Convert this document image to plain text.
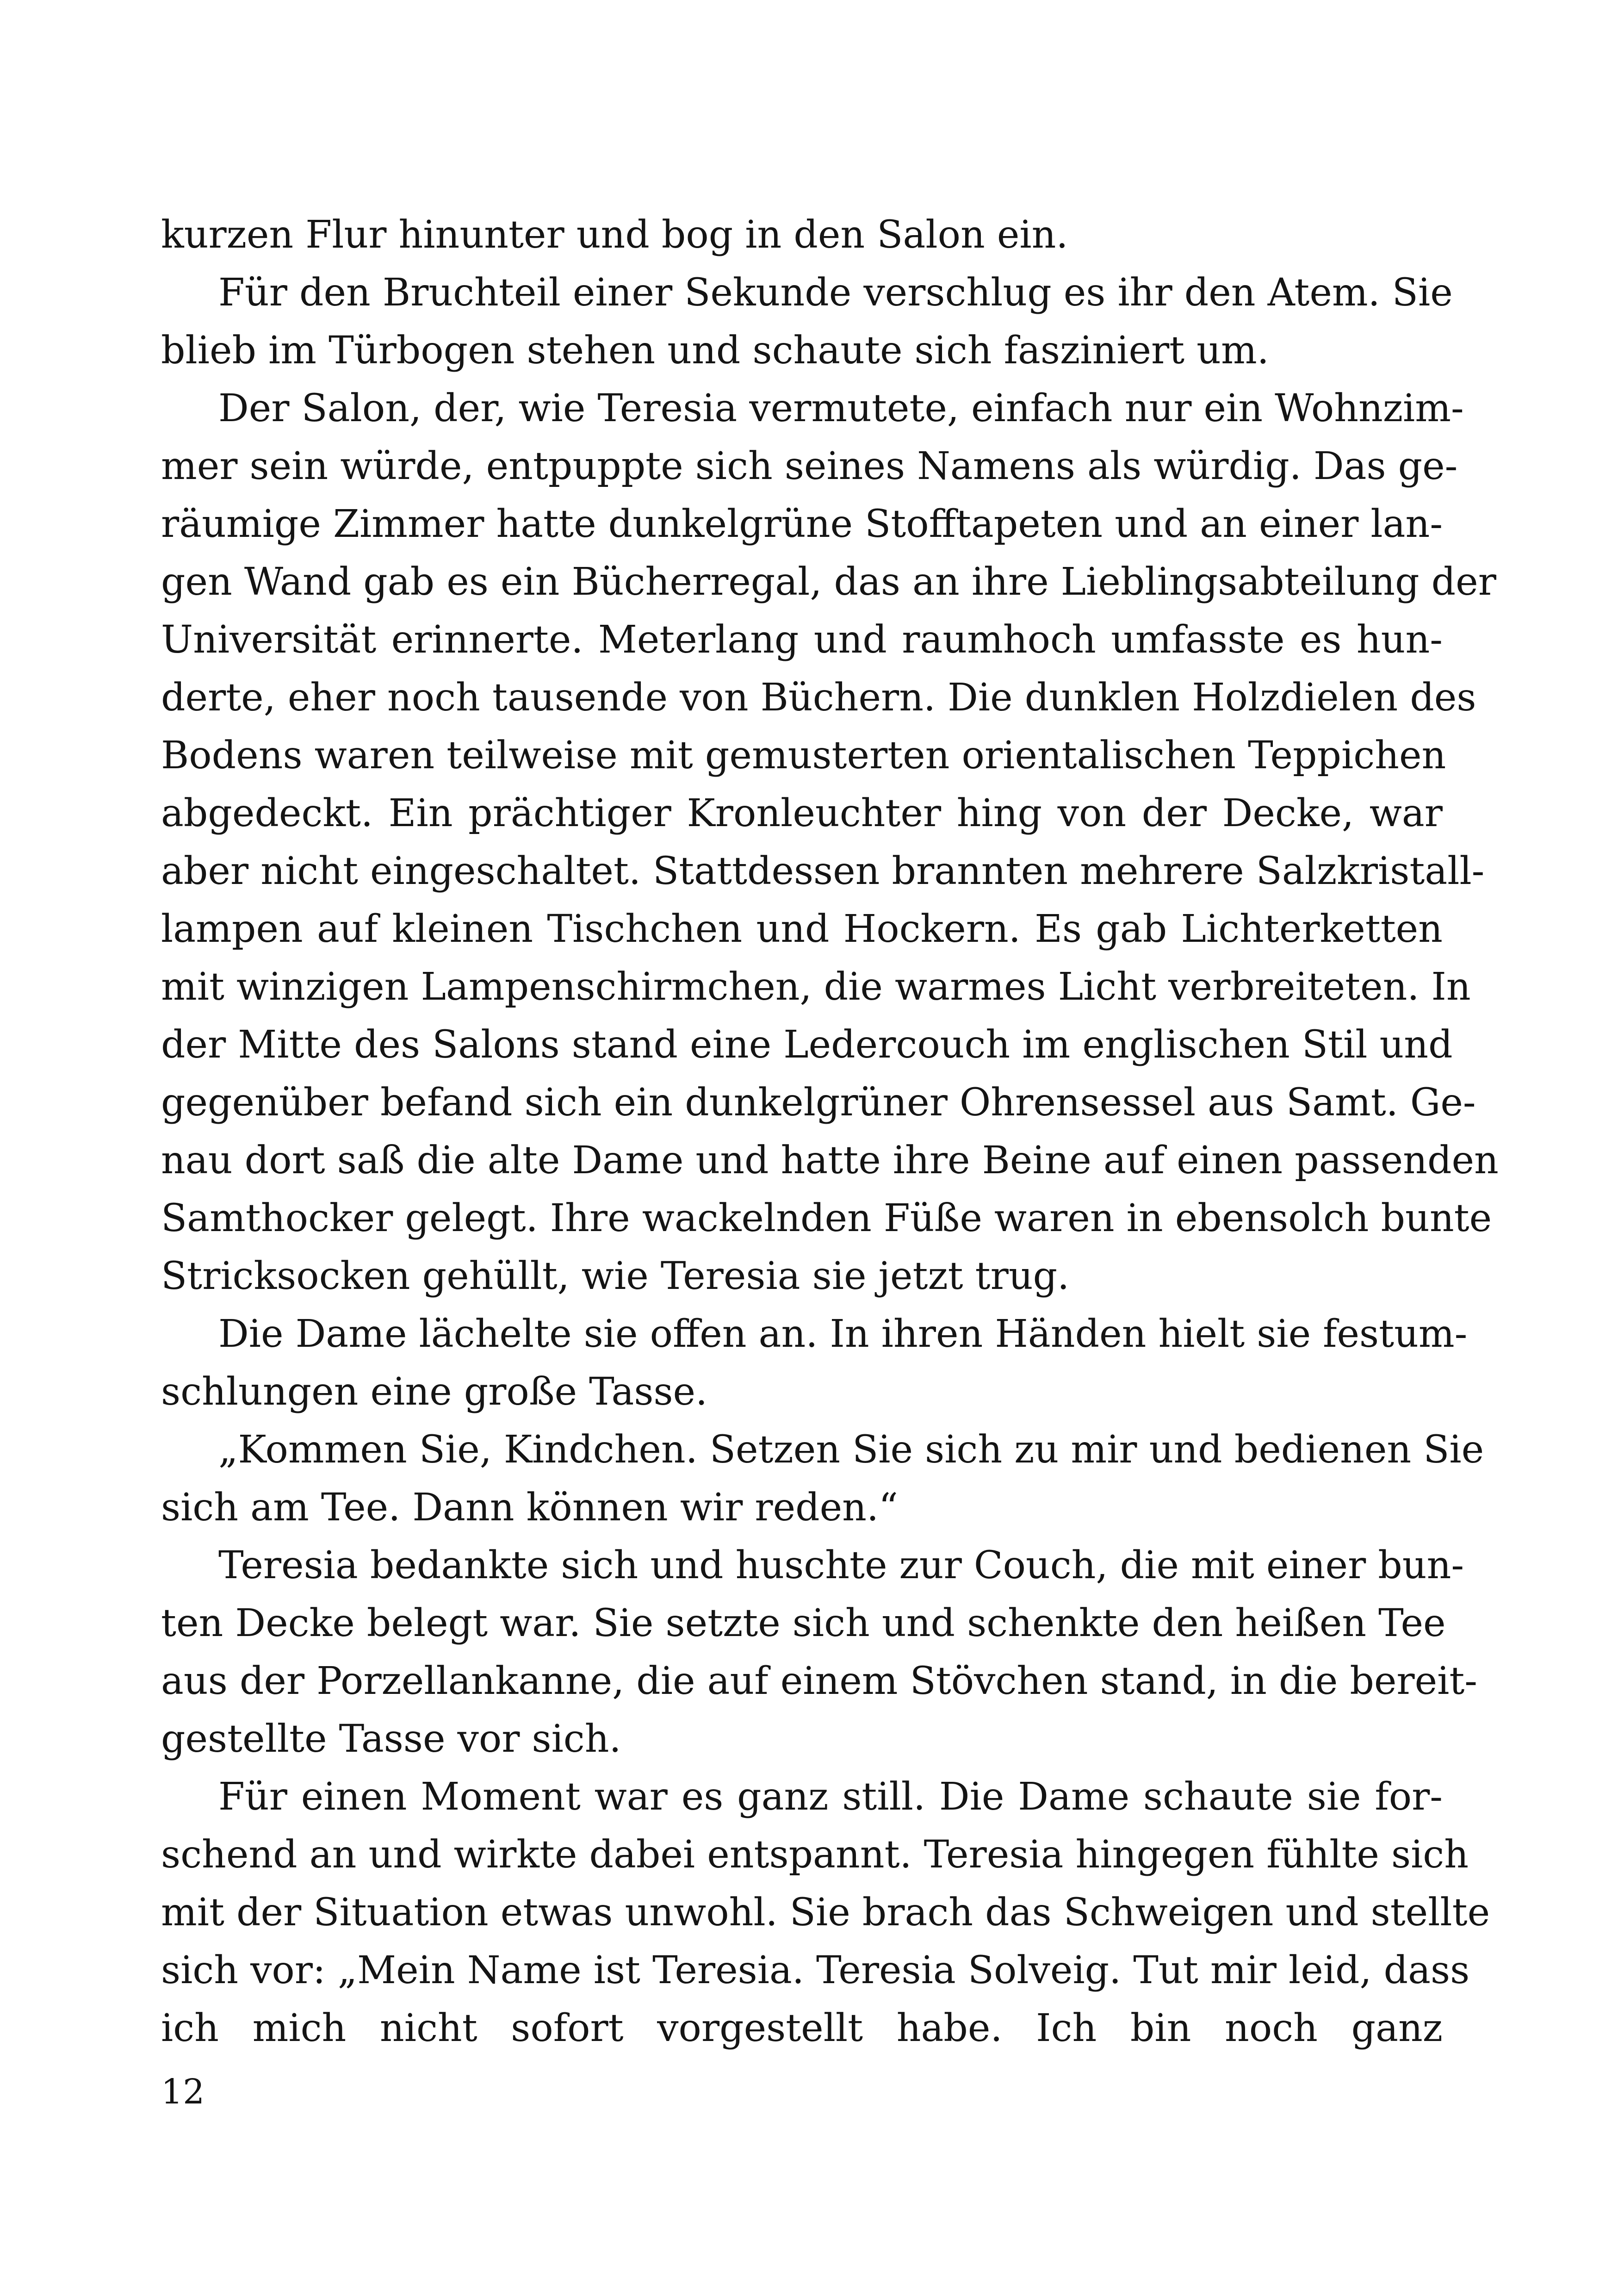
kurzen Flur hinunter und bog in den Salon ein.
Für den Bruchteil einer Sekunde verschlug es ihr den Atem. Sie
blieb im Türbogen stehen und schaute sich fasziniert um.
Der Salon, der, wie Teresia vermutete, einfach nur ein Wohnzim-
mer sein würde, entpuppte sich seines Namens als würdig. Das ge-
räumige Zimmer hatte dunkelgrüne Stofftapeten und an einer lan-
gen Wand gab es ein Bücherregal, das an ihre Lieblingsabteilung der
Universität erinnerte. Meterlang und raumhoch umfasste es hun-
derte, eher noch tausende von Büchern. Die dunklen Holzdielen des
Bodens waren teilweise mit gemusterten orientalischen Teppichen
abgedeckt. Ein prächtiger Kronleuchter hing von der Decke, war
aber nicht eingeschaltet. Stattdessen brannten mehrere Salzkristall-
lampen auf kleinen Tischchen und Hockern. Es gab Lichterketten
mit winzigen Lampenschirmchen, die warmes Licht verbreiteten. In
der Mitte des Salons stand eine Ledercouch im englischen Stil und
gegenüber befand sich ein dunkelgrüner Ohrensessel aus Samt. Ge-
nau dort saß die alte Dame und hatte ihre Beine auf einen passenden
Samthocker gelegt. Ihre wackelnden Füße waren in ebensolch bunte
Stricksocken gehüllt, wie Teresia sie jetzt trug.
Die Dame lächelte sie offen an. In ihren Händen hielt sie festum-
schlungen eine große Tasse.
„Kommen Sie, Kindchen. Setzen Sie sich zu mir und bedienen Sie
sich am Tee. Dann können wir reden.“
Teresia bedankte sich und huschte zur Couch, die mit einer bun-
ten Decke belegt war. Sie setzte sich und schenkte den heißen Tee
aus der Porzellankanne, die auf einem Stövchen stand, in die bereit-
gestellte Tasse vor sich.
Für einen Moment war es ganz still. Die Dame schaute sie for-
schend an und wirkte dabei entspannt. Teresia hingegen fühlte sich
mit der Situation etwas unwohl. Sie brach das Schweigen und stellte
sich vor: „Mein Name ist Teresia. Teresia Solveig. Tut mir leid, dass
ich mich nicht sofort vorgestellt habe. Ich bin noch ganz
12
